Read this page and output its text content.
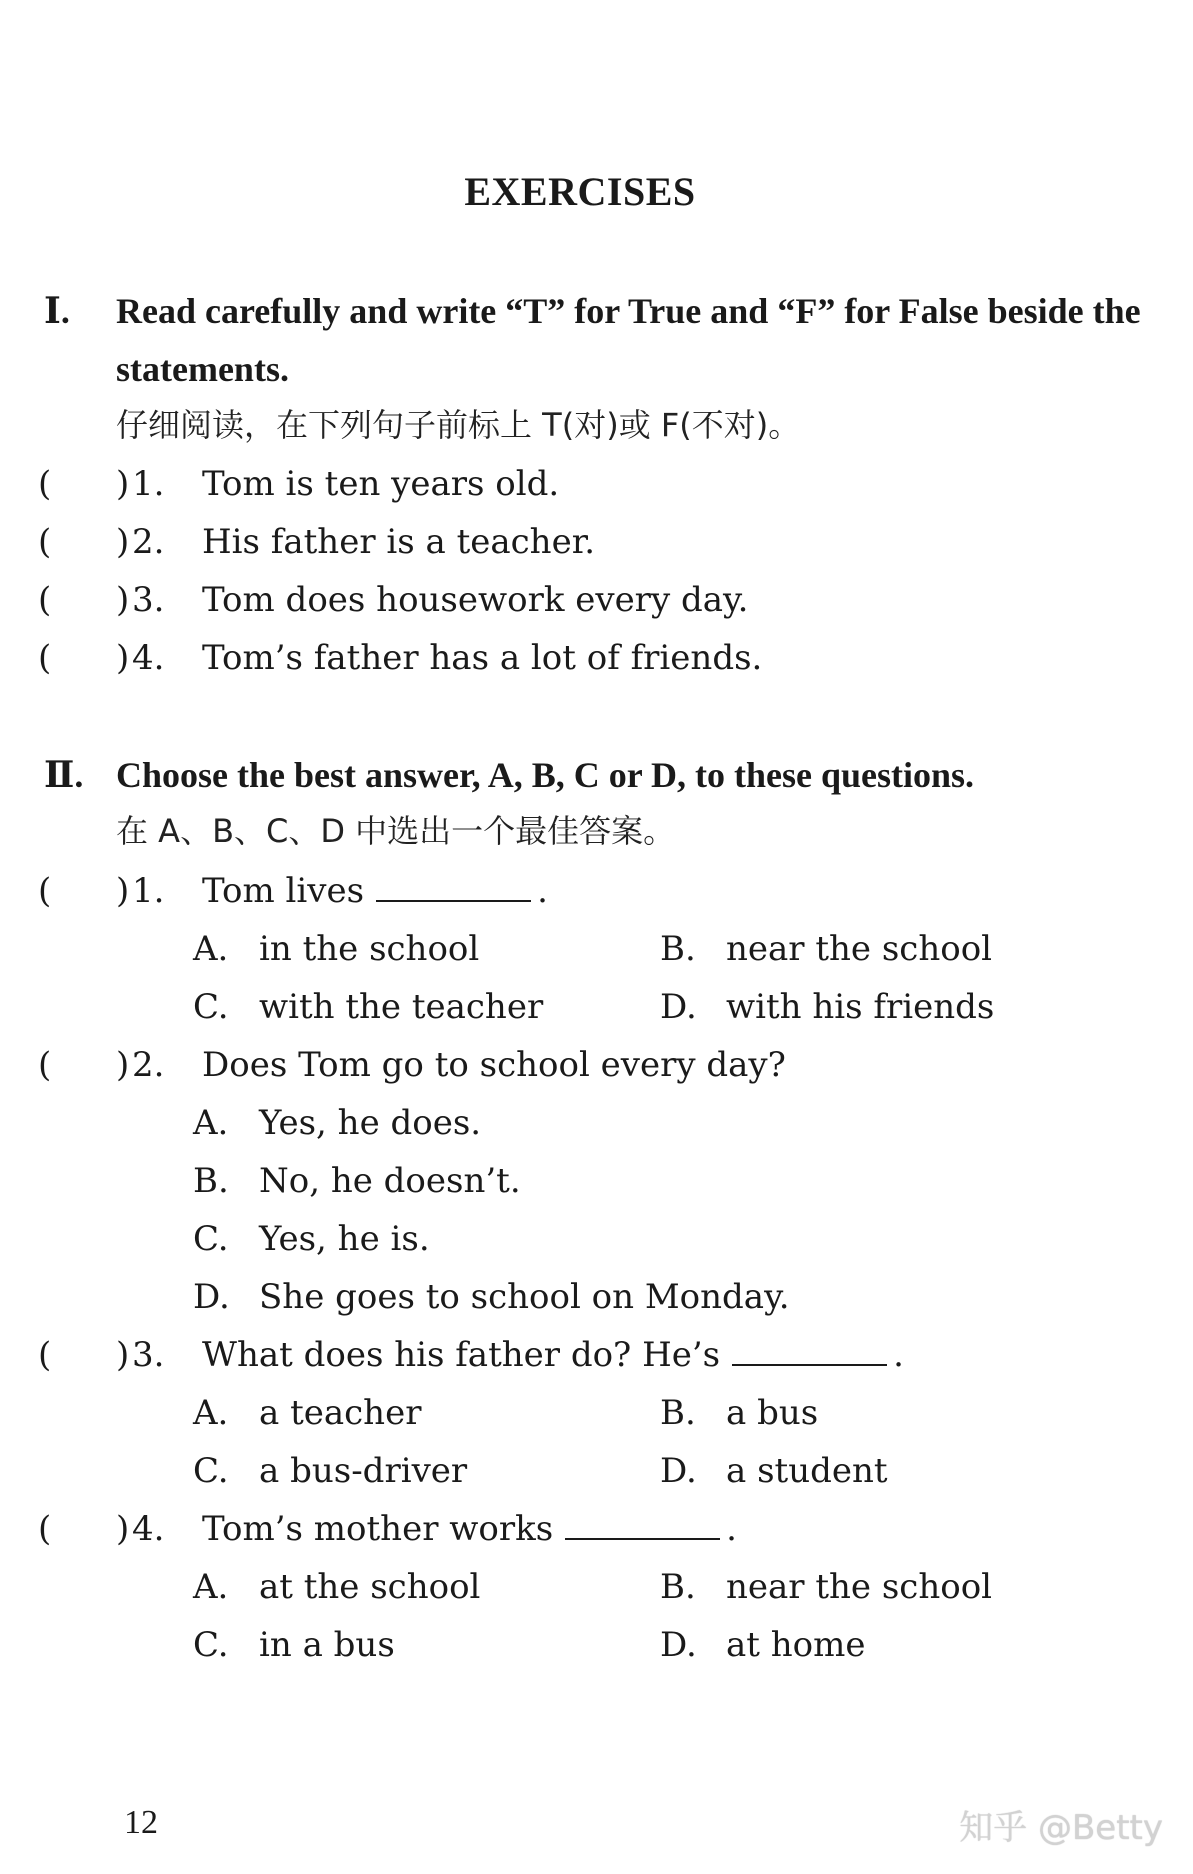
EXERCISES
Ⅰ.	Read carefully and write “T” for True and “F” for False beside the statements.
仔细阅读，在下列句子前标上 T(对)或 F(不对)。
( ) 1. Tom is ten years old.
( ) 2. His father is a teacher.
( ) 3. Tom does housework every day.
( ) 4. Tom’s father has a lot of friends.
Ⅱ. Choose the best answer, A, B, C or D, to these questions.
在 A、B、C、D 中选出一个最佳答案。
( ) 1. Tom lives	.
A. in the school	B. near the school
C. with the teacher	D. with his friends
( ) 2. Does Tom go to school every day?
A. Yes, he does.
B. No, he doesn’t.
C. Yes, he is.
D. She goes to school on Monday.
( ) 3. What does his father do? He’s	.
A. a teacher	B. a bus
C. a bus-driver	D. a student
( ) 4. Tom’s mother works	.
A. at the school	B. near the school
C. in a bus	D. at home
12	知乎 @Betty
